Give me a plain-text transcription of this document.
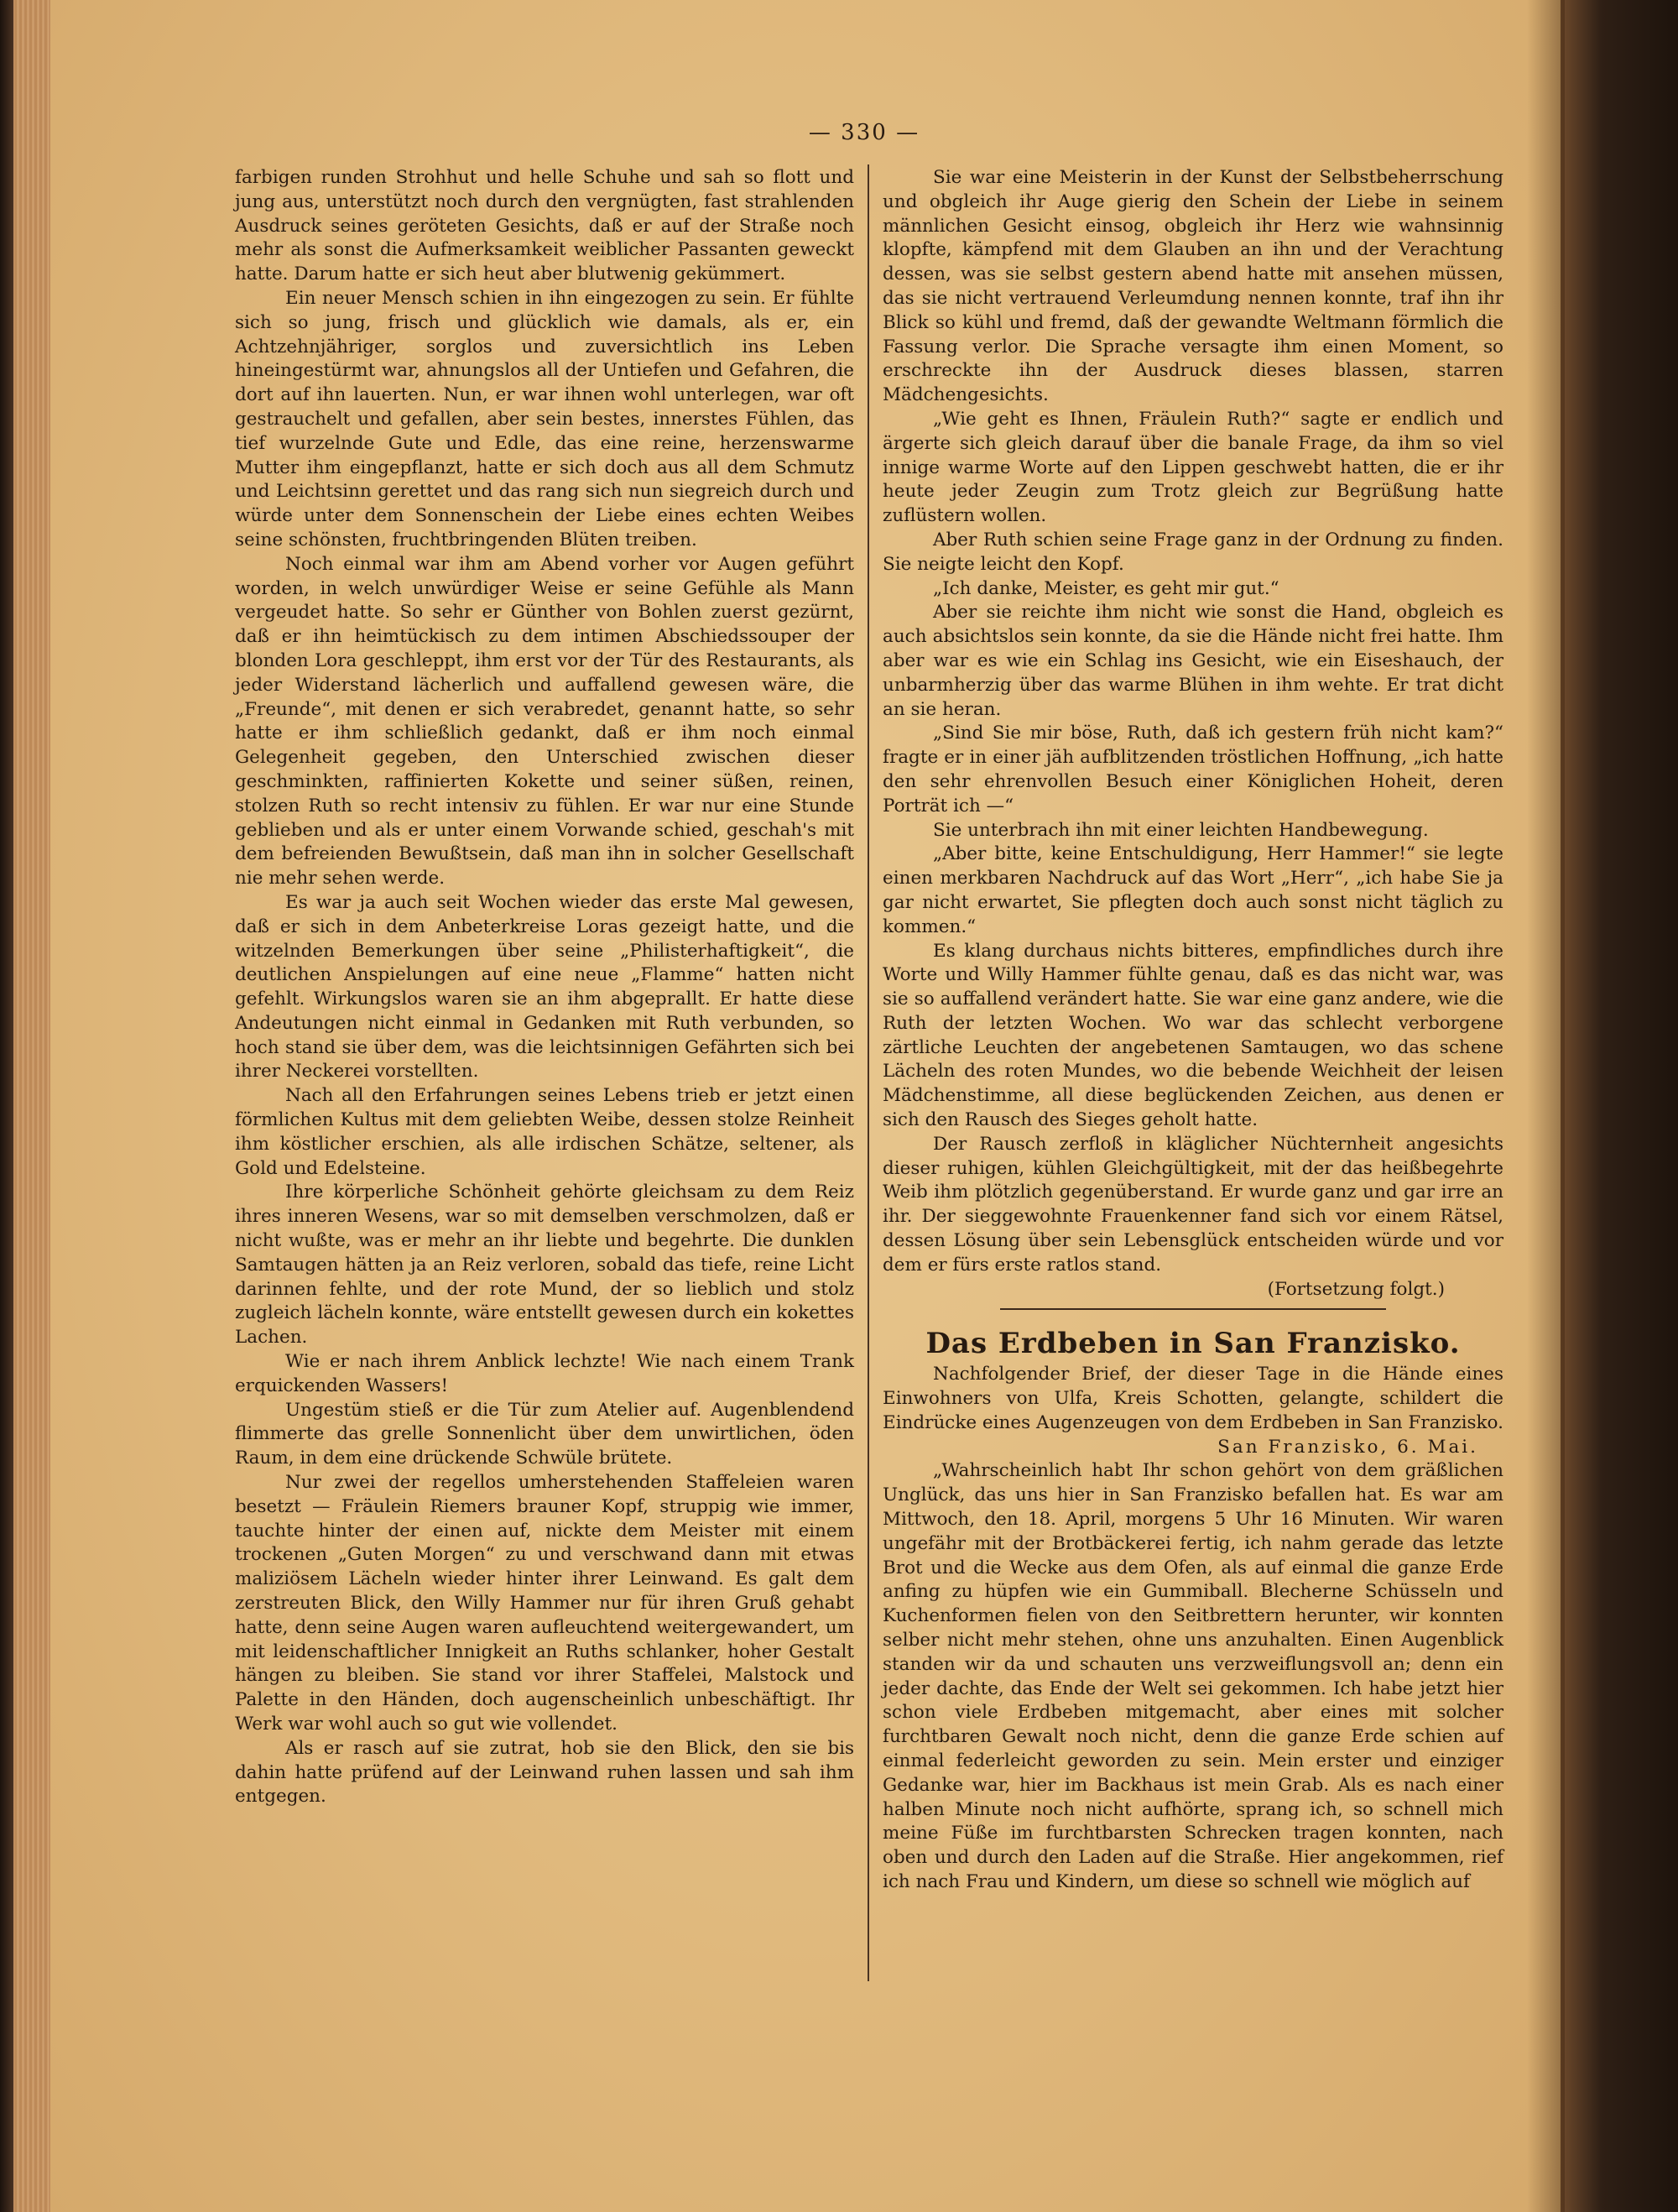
— 330 —

farbigen runden Strohhut und helle Schuhe und sah so flott und jung aus, unterstützt noch durch den vergnügten, fast strahlenden Ausdruck seines geröteten Gesichts, daß er auf der Straße noch mehr als sonst die Aufmerksamkeit weiblicher Passanten geweckt hatte. Darum hatte er sich heut aber blutwenig gekümmert.

Ein neuer Mensch schien in ihn eingezogen zu sein. Er fühlte sich so jung, frisch und glücklich wie damals, als er, ein Achtzehnjähriger, sorglos und zuversichtlich ins Leben hineingestürmt war, ahnungslos all der Untiefen und Gefahren, die dort auf ihn lauerten. Nun, er war ihnen wohl unterlegen, war oft gestrauchelt und gefallen, aber sein bestes, innerstes Fühlen, das tief wurzelnde Gute und Edle, das eine reine, herzenswarme Mutter ihm eingepflanzt, hatte er sich doch aus all dem Schmutz und Leichtsinn gerettet und das rang sich nun siegreich durch und würde unter dem Sonnenschein der Liebe eines echten Weibes seine schönsten, fruchtbringenden Blüten treiben.

Noch einmal war ihm am Abend vorher vor Augen geführt worden, in welch unwürdiger Weise er seine Gefühle als Mann vergeudet hatte. So sehr er Günther von Bohlen zuerst gezürnt, daß er ihn heimtückisch zu dem intimen Abschiedssouper der blonden Lora geschleppt, ihm erst vor der Tür des Restaurants, als jeder Widerstand lächerlich und auffallend gewesen wäre, die „Freunde“, mit denen er sich verabredet, genannt hatte, so sehr hatte er ihm schließlich gedankt, daß er ihm noch einmal Gelegenheit gegeben, den Unterschied zwischen dieser geschminkten, raffinierten Kokette und seiner süßen, reinen, stolzen Ruth so recht intensiv zu fühlen. Er war nur eine Stunde geblieben und als er unter einem Vorwande schied, geschah's mit dem befreienden Bewußtsein, daß man ihn in solcher Gesellschaft nie mehr sehen werde.

Es war ja auch seit Wochen wieder das erste Mal gewesen, daß er sich in dem Anbeterkreise Loras gezeigt hatte, und die witzelnden Bemerkungen über seine „Philisterhaftigkeit“, die deutlichen Anspielungen auf eine neue „Flamme“ hatten nicht gefehlt. Wirkungslos waren sie an ihm abgeprallt. Er hatte diese Andeutungen nicht einmal in Gedanken mit Ruth verbunden, so hoch stand sie über dem, was die leichtsinnigen Gefährten sich bei ihrer Neckerei vorstellten.

Nach all den Erfahrungen seines Lebens trieb er jetzt einen förmlichen Kultus mit dem geliebten Weibe, dessen stolze Reinheit ihm köstlicher erschien, als alle irdischen Schätze, seltener, als Gold und Edelsteine.

Ihre körperliche Schönheit gehörte gleichsam zu dem Reiz ihres inneren Wesens, war so mit demselben verschmolzen, daß er nicht wußte, was er mehr an ihr liebte und begehrte. Die dunklen Samtaugen hätten ja an Reiz verloren, sobald das tiefe, reine Licht darinnen fehlte, und der rote Mund, der so lieblich und stolz zugleich lächeln konnte, wäre entstellt gewesen durch ein kokettes Lachen.

Wie er nach ihrem Anblick lechzte! Wie nach einem Trank erquickenden Wassers!

Ungestüm stieß er die Tür zum Atelier auf. Augenblendend flimmerte das grelle Sonnenlicht über dem unwirtlichen, öden Raum, in dem eine drückende Schwüle brütete.

Nur zwei der regellos umherstehenden Staffeleien waren besetzt — Fräulein Riemers brauner Kopf, struppig wie immer, tauchte hinter der einen auf, nickte dem Meister mit einem trockenen „Guten Morgen“ zu und verschwand dann mit etwas maliziösem Lächeln wieder hinter ihrer Leinwand. Es galt dem zerstreuten Blick, den Willy Hammer nur für ihren Gruß gehabt hatte, denn seine Augen waren aufleuchtend weitergewandert, um mit leidenschaftlicher Innigkeit an Ruths schlanker, hoher Gestalt hängen zu bleiben. Sie stand vor ihrer Staffelei, Malstock und Palette in den Händen, doch augenscheinlich unbeschäftigt. Ihr Werk war wohl auch so gut wie vollendet.

Als er rasch auf sie zutrat, hob sie den Blick, den sie bis dahin hatte prüfend auf der Leinwand ruhen lassen und sah ihm entgegen.

Sie war eine Meisterin in der Kunst der Selbstbeherrschung und obgleich ihr Auge gierig den Schein der Liebe in seinem männlichen Gesicht einsog, obgleich ihr Herz wie wahnsinnig klopfte, kämpfend mit dem Glauben an ihn und der Verachtung dessen, was sie selbst gestern abend hatte mit ansehen müssen, das sie nicht vertrauend Verleumdung nennen konnte, traf ihn ihr Blick so kühl und fremd, daß der gewandte Weltmann förmlich die Fassung verlor. Die Sprache versagte ihm einen Moment, so erschreckte ihn der Ausdruck dieses blassen, starren Mädchengesichts.

„Wie geht es Ihnen, Fräulein Ruth?“ sagte er endlich und ärgerte sich gleich darauf über die banale Frage, da ihm so viel innige warme Worte auf den Lippen geschwebt hatten, die er ihr heute jeder Zeugin zum Trotz gleich zur Begrüßung hatte zuflüstern wollen.

Aber Ruth schien seine Frage ganz in der Ordnung zu finden. Sie neigte leicht den Kopf.

„Ich danke, Meister, es geht mir gut.“

Aber sie reichte ihm nicht wie sonst die Hand, obgleich es auch absichtslos sein konnte, da sie die Hände nicht frei hatte. Ihm aber war es wie ein Schlag ins Gesicht, wie ein Eiseshauch, der unbarmherzig über das warme Blühen in ihm wehte. Er trat dicht an sie heran.

„Sind Sie mir böse, Ruth, daß ich gestern früh nicht kam?“ fragte er in einer jäh aufblitzenden tröstlichen Hoffnung, „ich hatte den sehr ehrenvollen Besuch einer Königlichen Hoheit, deren Porträt ich —“

Sie unterbrach ihn mit einer leichten Handbewegung.

„Aber bitte, keine Entschuldigung, Herr Hammer!“ sie legte einen merkbaren Nachdruck auf das Wort „Herr“, „ich habe Sie ja gar nicht erwartet, Sie pflegten doch auch sonst nicht täglich zu kommen.“

Es klang durchaus nichts bitteres, empfindliches durch ihre Worte und Willy Hammer fühlte genau, daß es das nicht war, was sie so auffallend verändert hatte. Sie war eine ganz andere, wie die Ruth der letzten Wochen. Wo war das schlecht verborgene zärtliche Leuchten der angebetenen Samtaugen, wo das schene Lächeln des roten Mundes, wo die bebende Weichheit der leisen Mädchenstimme, all diese beglückenden Zeichen, aus denen er sich den Rausch des Sieges geholt hatte.

Der Rausch zerfloß in kläglicher Nüchternheit angesichts dieser ruhigen, kühlen Gleichgültigkeit, mit der das heißbegehrte Weib ihm plötzlich gegenüberstand. Er wurde ganz und gar irre an ihr. Der sieggewohnte Frauenkenner fand sich vor einem Rätsel, dessen Lösung über sein Lebensglück entscheiden würde und vor dem er fürs erste ratlos stand.

(Fortsetzung folgt.)

Das Erdbeben in San Franzisko.

Nachfolgender Brief, der dieser Tage in die Hände eines Einwohners von Ulfa, Kreis Schotten, gelangte, schildert die Eindrücke eines Augenzeugen von dem Erdbeben in San Franzisko.

San Franzisko, 6. Mai.

„Wahrscheinlich habt Ihr schon gehört von dem gräßlichen Unglück, das uns hier in San Franzisko befallen hat. Es war am Mittwoch, den 18. April, morgens 5 Uhr 16 Minuten. Wir waren ungefähr mit der Brotbäckerei fertig, ich nahm gerade das letzte Brot und die Wecke aus dem Ofen, als auf einmal die ganze Erde anfing zu hüpfen wie ein Gummiball. Blecherne Schüsseln und Kuchenformen fielen von den Seitbrettern herunter, wir konnten selber nicht mehr stehen, ohne uns anzuhalten. Einen Augenblick standen wir da und schauten uns verzweiflungsvoll an; denn ein jeder dachte, das Ende der Welt sei gekommen. Ich habe jetzt hier schon viele Erdbeben mitgemacht, aber eines mit solcher furchtbaren Gewalt noch nicht, denn die ganze Erde schien auf einmal federleicht geworden zu sein. Mein erster und einziger Gedanke war, hier im Backhaus ist mein Grab. Als es nach einer halben Minute noch nicht aufhörte, sprang ich, so schnell mich meine Füße im furchtbarsten Schrecken tragen konnten, nach oben und durch den Laden auf die Straße. Hier angekommen, rief ich nach Frau und Kindern, um diese so schnell wie möglich auf
